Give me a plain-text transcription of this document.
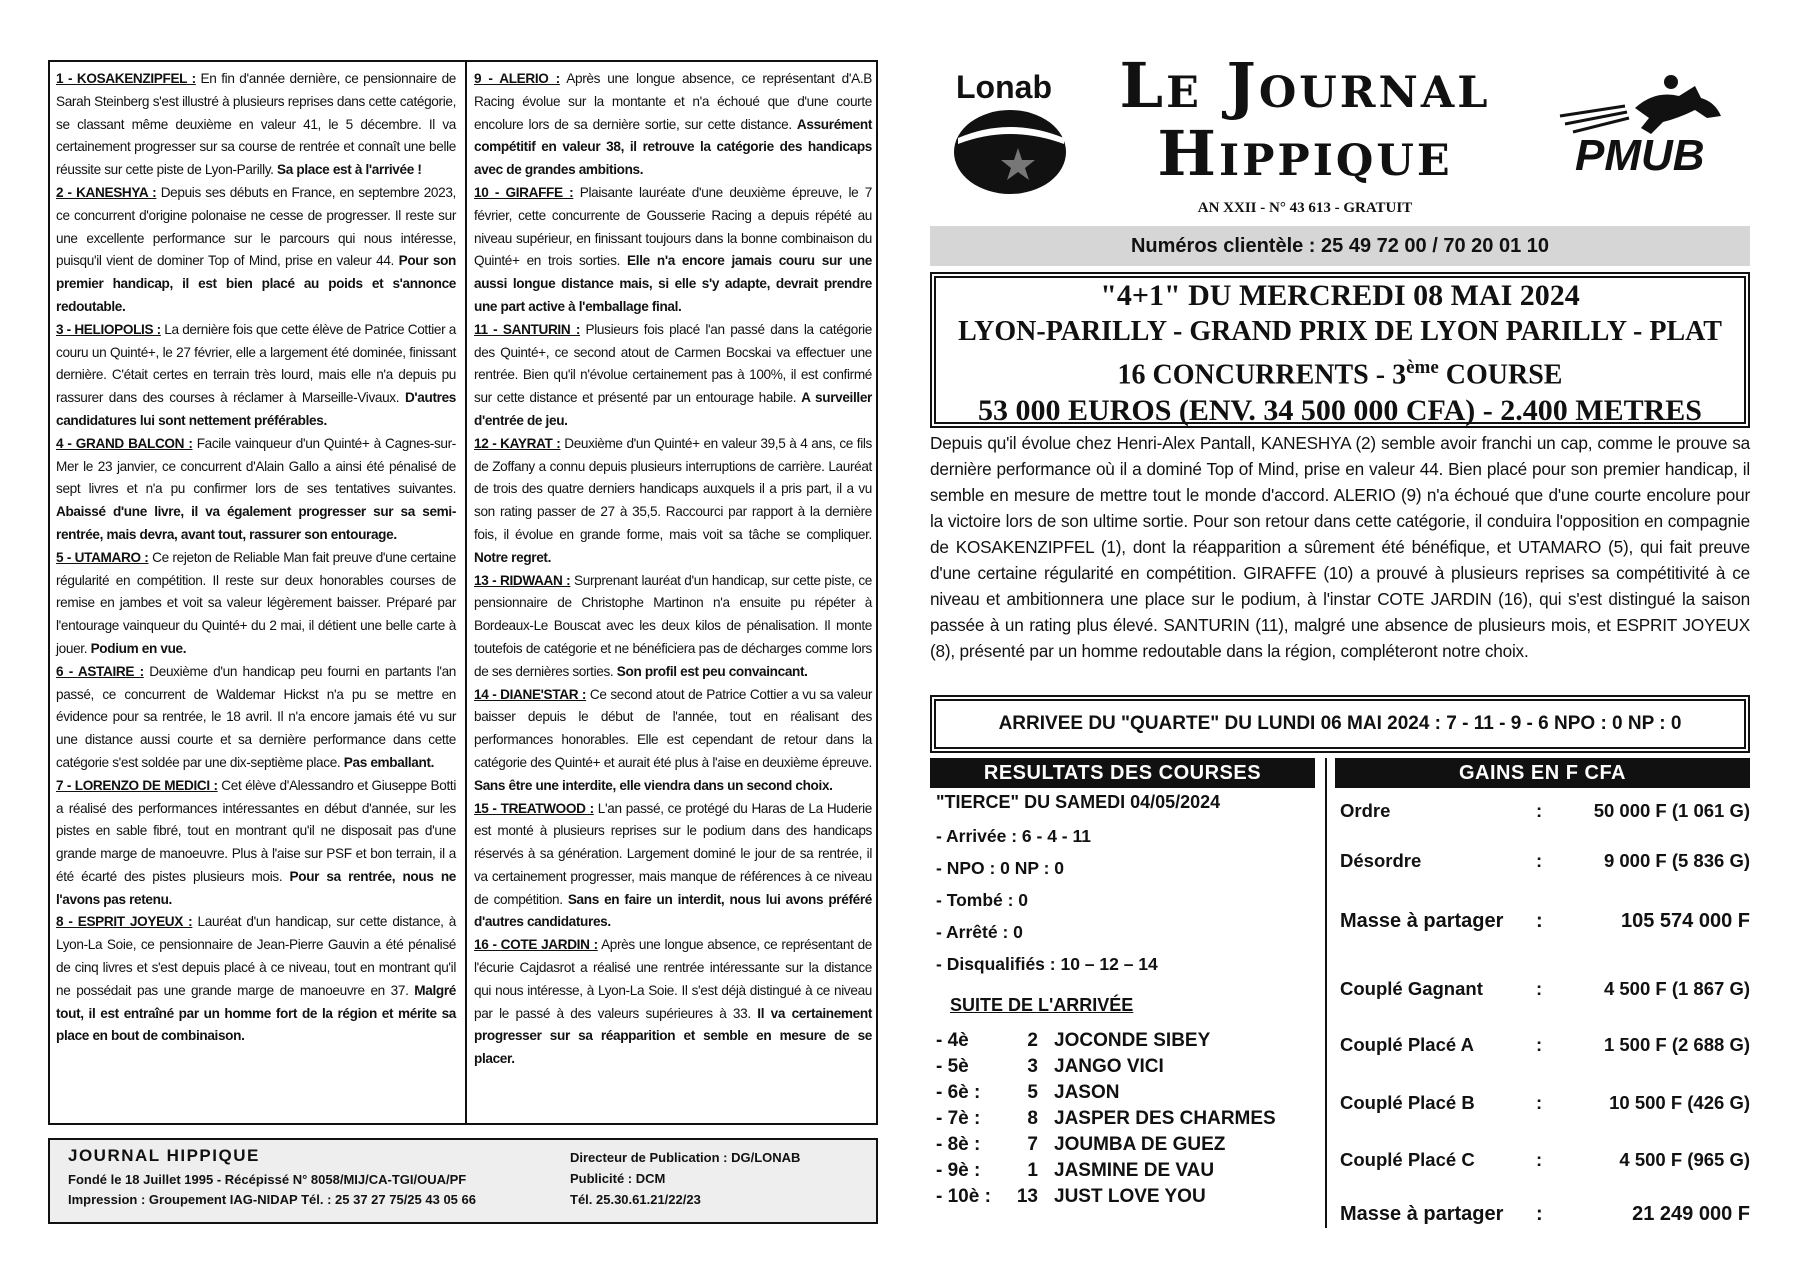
1 - KOSAKENZIPFEL : En fin d'année dernière, ce pensionnaire de Sarah Steinberg s'est illustré à plusieurs reprises dans cette catégorie, se classant même deuxième en valeur 41, le 5 décembre. Il va certainement progresser sur sa course de rentrée et connaît une belle réussite sur cette piste de Lyon-Parilly. Sa place est à l'arrivée !

2 - KANESHYA : Depuis ses débuts en France, en septembre 2023, ce concurrent d'origine polonaise ne cesse de progresser. Il reste sur une excellente performance sur le parcours qui nous intéresse, puisqu'il vient de dominer Top of Mind, prise en valeur 44. Pour son premier handicap, il est bien placé au poids et s'annonce redoutable.

3 - HELIOPOLIS : La dernière fois que cette élève de Patrice Cottier a couru un Quinté+, le 27 février, elle a largement été dominée, finissant dernière. C'était certes en terrain très lourd, mais elle n'a depuis pu rassurer dans des courses à réclamer à Marseille-Vivaux. D'autres candidatures lui sont nettement préférables.

4 - GRAND BALCON : Facile vainqueur d'un Quinté+ à Cagnes-sur-Mer le 23 janvier, ce concurrent d'Alain Gallo a ainsi été pénalisé de sept livres et n'a pu confirmer lors de ses tentatives suivantes. Abaissé d'une livre, il va également progresser sur sa semi-rentrée, mais devra, avant tout, rassurer son entourage.

5 - UTAMARO : Ce rejeton de Reliable Man fait preuve d'une certaine régularité en compétition. Il reste sur deux honorables courses de remise en jambes et voit sa valeur légèrement baisser. Préparé par l'entourage vainqueur du Quinté+ du 2 mai, il détient une belle carte à jouer. Podium en vue.

6 - ASTAIRE : Deuxième d'un handicap peu fourni en partants l'an passé, ce concurrent de Waldemar Hickst n'a pu se mettre en évidence pour sa rentrée, le 18 avril. Il n'a encore jamais été vu sur une distance aussi courte et sa dernière performance dans cette catégorie s'est soldée par une dix-septième place. Pas emballant.

7 - LORENZO DE MEDICI : Cet élève d'Alessandro et Giuseppe Botti a réalisé des performances intéressantes en début d'année, sur les pistes en sable fibré, tout en montrant qu'il ne disposait pas d'une grande marge de manoeuvre. Plus à l'aise sur PSF et bon terrain, il a été écarté des pistes plusieurs mois. Pour sa rentrée, nous ne l'avons pas retenu.

8 - ESPRIT JOYEUX : Lauréat d'un handicap, sur cette distance, à Lyon-La Soie, ce pensionnaire de Jean-Pierre Gauvin a été pénalisé de cinq livres et s'est depuis placé à ce niveau, tout en montrant qu'il ne possédait pas une grande marge de manoeuvre en 37. Malgré tout, il est entraîné par un homme fort de la région et mérite sa place en bout de combinaison.

9 - ALERIO : Après une longue absence, ce représentant d'A.B Racing évolue sur la montante et n'a échoué que d'une courte encolure lors de sa dernière sortie, sur cette distance. Assurément compétitif en valeur 38, il retrouve la catégorie des handicaps avec de grandes ambitions.

10 - GIRAFFE : Plaisante lauréate d'une deuxième épreuve, le 7 février, cette concurrente de Gousserie Racing a depuis répété au niveau supérieur, en finissant toujours dans la bonne combinaison du Quinté+ en trois sorties. Elle n'a encore jamais couru sur une aussi longue distance mais, si elle s'y adapte, devrait prendre une part active à l'emballage final.

11 - SANTURIN : Plusieurs fois placé l'an passé dans la catégorie des Quinté+, ce second atout de Carmen Bocskai va effectuer une rentrée. Bien qu'il n'évolue certainement pas à 100%, il est confirmé sur cette distance et présenté par un entourage habile. A surveiller d'entrée de jeu.

12 - KAYRAT : Deuxième d'un Quinté+ en valeur 39,5 à 4 ans, ce fils de Zoffany a connu depuis plusieurs interruptions de carrière. Lauréat de trois des quatre derniers handicaps auxquels il a pris part, il a vu son rating passer de 27 à 35,5. Raccourci par rapport à la dernière fois, il évolue en grande forme, mais voit sa tâche se compliquer. Notre regret.

13 - RIDWAAN : Surprenant lauréat d'un handicap, sur cette piste, ce pensionnaire de Christophe Martinon n'a ensuite pu répéter à Bordeaux-Le Bouscat avec les deux kilos de pénalisation. Il monte toutefois de catégorie et ne bénéficiera pas de décharges comme lors de ses dernières sorties. Son profil est peu convaincant.

14 - DIANE'STAR : Ce second atout de Patrice Cottier a vu sa valeur baisser depuis le début de l'année, tout en réalisant des performances honorables. Elle est cependant de retour dans la catégorie des Quinté+ et aurait été plus à l'aise en deuxième épreuve. Sans être une interdite, elle viendra dans un second choix.

15 - TREATWOOD : L'an passé, ce protégé du Haras de La Huderie est monté à plusieurs reprises sur le podium dans des handicaps réservés à sa génération. Largement dominé le jour de sa rentrée, il va certainement progresser, mais manque de références à ce niveau de compétition. Sans en faire un interdit, nous lui avons préféré d'autres candidatures.

16 - COTE JARDIN : Après une longue absence, ce représentant de l'écurie Cajdasrot a réalisé une rentrée intéressante sur la distance qui nous intéresse, à Lyon-La Soie. Il s'est déjà distingué à ce niveau par le passé à des valeurs supérieures à 33. Il va certainement progresser sur sa réapparition et semble en mesure de se placer.

JOURNAL HIPPIQUE
Fondé le 18 Juillet 1995 - Récépissé N° 8058/MIJ/CA-TGI/OUA/PF
Impression : Groupement IAG-NIDAP Tél. : 25 37 27 75/25 43 05 66
Directeur de Publication : DG/LONAB
Publicité : DCM
Tél. 25.30.61.21/22/23
Lonab	Le Journal
Hippique	PMUB
AN XXII - N° 43 613 - GRATUIT
Numéros clientèle : 25 49 72 00 / 70 20 01 10
"4+1" DU MERCREDI 08 MAI 2024
LYON-PARILLY - GRAND PRIX DE LYON PARILLY - PLAT
16 CONCURRENTS - 3ème COURSE
53 000 EUROS (ENV. 34 500 000 CFA) - 2.400 METRES
Depuis qu'il évolue chez Henri-Alex Pantall, KANESHYA (2) semble avoir franchi un cap, comme le prouve sa dernière performance où il a dominé Top of Mind, prise en valeur 44. Bien placé pour son premier handicap, il semble en mesure de mettre tout le monde d'accord. ALERIO (9) n'a échoué que d'une courte encolure pour la victoire lors de son ultime sortie. Pour son retour dans cette catégorie, il conduira l'opposition en compagnie de KOSAKENZIPFEL (1), dont la réapparition a sûrement été bénéfique, et UTAMARO (5), qui fait preuve d'une certaine régularité en compétition. GIRAFFE (10) a prouvé à plusieurs reprises sa compétitivité à ce niveau et ambitionnera une place sur le podium, à l'instar COTE JARDIN (16), qui s'est distingué la saison passée à un rating plus élevé. SANTURIN (11), malgré une absence de plusieurs mois, et ESPRIT JOYEUX (8), présenté par un homme redoutable dans la région, compléteront notre choix.
ARRIVEE DU "QUARTE" DU LUNDI 06 MAI 2024 : 7 - 11 - 9 - 6 NPO : 0 NP : 0
RESULTATS DES COURSES	GAINS EN F CFA
"TIERCE" DU SAMEDI 04/05/2024
- Arrivée : 6 - 4 - 11
- NPO : 0 NP : 0
- Tombé : 0
- Arrêté : 0
- Disqualifiés : 10 – 12 – 14
SUITE DE L'ARRIVÉE
- 4è	2 JOCONDE SIBEY
- 5è	3 JANGO VICI
- 6è : 5 JASON
- 7è : 8 JASPER DES CHARMES
- 8è : 7 JOUMBA DE GUEZ
- 9è : 1 JASMINE DE VAU
- 10è : 13 JUST LOVE YOU
Ordre	:	50 000 F (1 061 G)
Désordre	:	9 000 F (5 836 G)
Masse à partager :	105 574 000 F
Couplé Gagnant	:	4 500 F (1 867 G)
Couplé Placé A	:	1 500 F (2 688 G)
Couplé Placé B	:	10 500 F (426 G)
Couplé Placé C	:	4 500 F (965 G)
Masse à partager :	21 249 000 F
